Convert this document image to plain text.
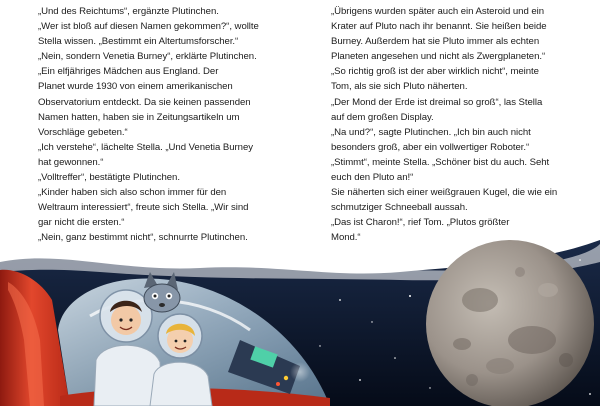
„Und des Reichtums“, ergänzte Plutinchen.
„Wer ist bloß auf diesen Namen gekommen?“, wollte
Stella wissen. „Bestimmt ein Altertumsforscher.“
„Nein, sondern Venetia Burney“, erklärte Plutinchen.
„Ein elfjähriges Mädchen aus England. Der
Planet wurde 1930 von einem amerikanischen
Observatorium entdeckt. Da sie keinen passenden
Namen hatten, haben sie in Zeitungsartikeln um
Vorschläge gebeten.“
„Ich verstehe“, lächelte Stella. „Und Venetia Burney
hat gewonnen.“
„Volltreffer“, bestätigte Plutinchen.
„Kinder haben sich also schon immer für den
Weltraum interessiert“, freute sich Stella. „Wir sind
gar nicht die ersten.“
„Nein, ganz bestimmt nicht“, schnurrte Plutinchen.
„Übrigens wurden später auch ein Asteroid und ein
Krater auf Pluto nach ihr benannt. Sie heißen beide
Burney. Außerdem hat sie Pluto immer als echten
Planeten angesehen und nicht als Zwergplaneten.“
„So richtig groß ist der aber wirklich nicht“, meinte
Tom, als sie sich Pluto näherten.
„Der Mond der Erde ist dreimal so groß“, las Stella
auf dem großen Display.
„Na und?“, sagte Plutinchen. „Ich bin auch nicht
besonders groß, aber ein vollwertiger Roboter.“
„Stimmt“, meinte Stella. „Schöner bist du auch. Seht
euch den Pluto an!“
Sie näherten sich einer weißgrauen Kugel, die wie ein
schmutziger Schneeball aussah.
„Das ist Charon!“, rief Tom. „Plutos größter
Mond.“
